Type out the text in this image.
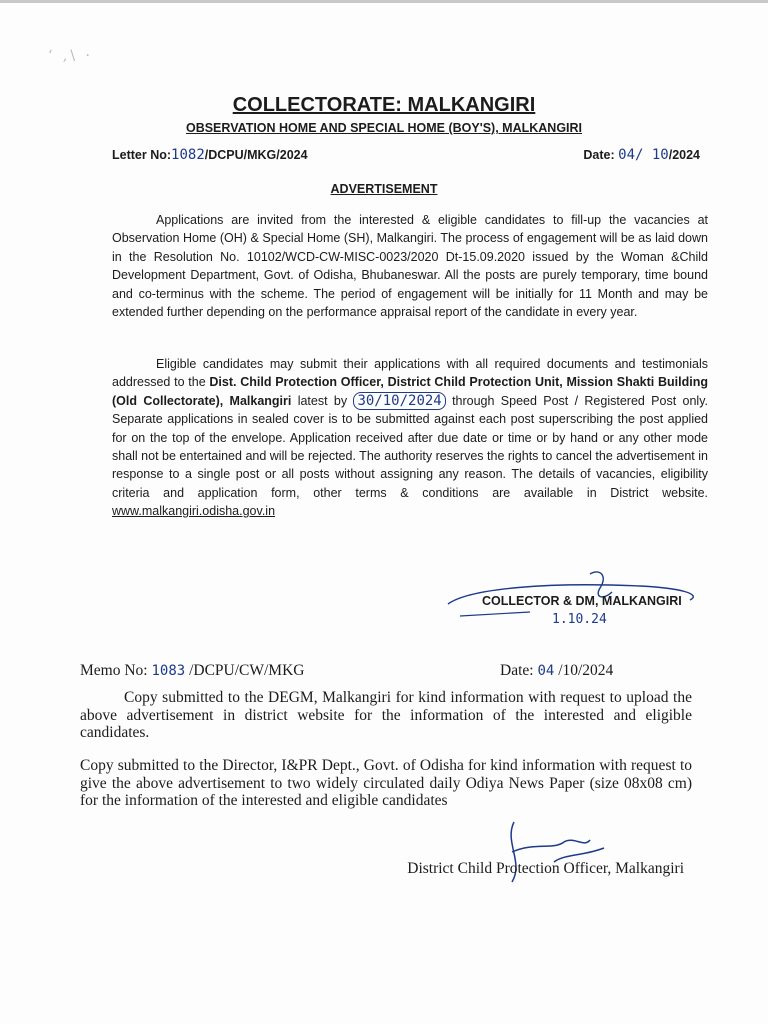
‘ ,\ ·
COLLECTORATE: MALKANGIRI
OBSERVATION HOME AND SPECIAL HOME (BOY'S), MALKANGIRI
Letter No:1082/DCPU/MKG/2024	Date: 04/ 10/2024
ADVERTISEMENT

Applications are invited from the interested & eligible candidates to fill-up the vacancies at Observation Home (OH) & Special Home (SH), Malkangiri. The process of engagement will be as laid down in the Resolution No. 10102/WCD-CW-MISC-0023/2020 Dt-15.09.2020 issued by the Woman &Child Development Department, Govt. of Odisha, Bhubaneswar. All the posts are purely temporary, time bound and co-terminus with the scheme. The period of engagement will be initially for 11 Month and may be extended further depending on the performance appraisal report of the candidate in every year.

Eligible candidates may submit their applications with all required documents and testimonials addressed to the Dist. Child Protection Officer, District Child Protection Unit, Mission Shakti Building (Old Collectorate), Malkangiri latest by 30/10/2024 through Speed Post / Registered Post only. Separate applications in sealed cover is to be submitted against each post superscribing the post applied for on the top of the envelope. Application received after due date or time or by hand or any other mode shall not be entertained and will be rejected. The authority reserves the rights to cancel the advertisement in response to a single post or all posts without assigning any reason. The details of vacancies, eligibility criteria and application form, other terms & conditions are available in District website. www.malkangiri.odisha.gov.in

COLLECTOR & DM, MALKANGIRI
1.10.24
Memo No: 1083 /DCPU/CW/MKG	Date: 04 /10/2024

Copy submitted to the DEGM, Malkangiri for kind information with request to upload the above advertisement in district website for the information of the interested and eligible candidates.

Copy submitted to the Director, I&PR Dept., Govt. of Odisha for kind information with request to give the above advertisement to two widely circulated daily Odiya News Paper (size 08x08 cm) for the information of the interested and eligible candidates

District Child Protection Officer, Malkangiri
